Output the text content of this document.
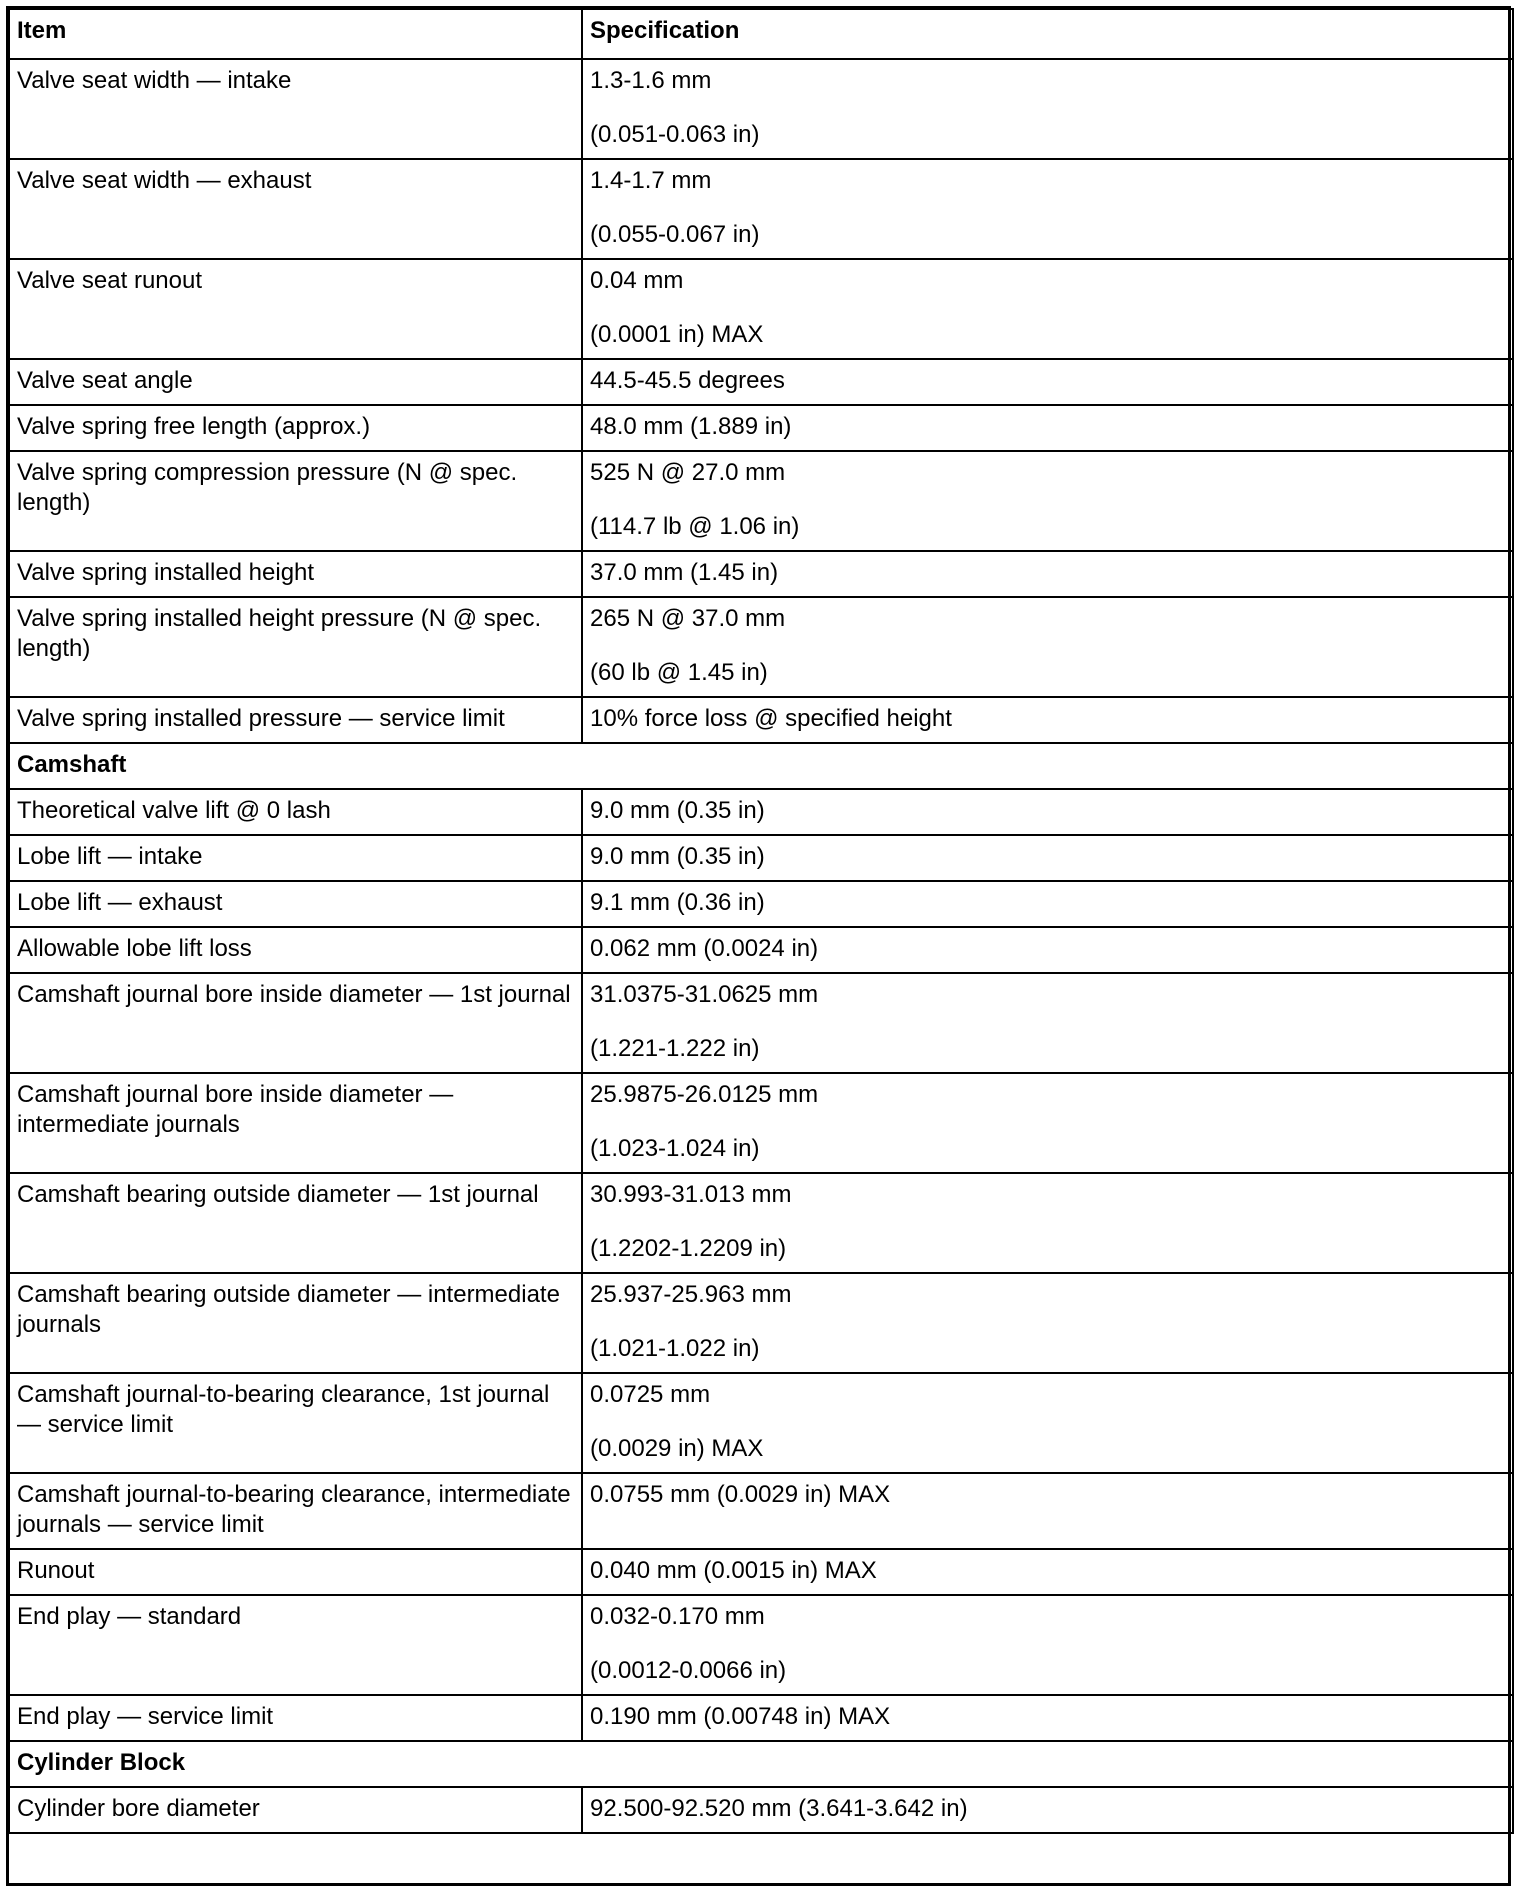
Item	Specification
Valve seat width — intake	1.3-1.6 mm
(0.051-0.063 in)

Valve seat width — exhaust	1.4-1.7 mm
(0.055-0.067 in)

Valve seat runout	0.04 mm
(0.0001 in) MAX

Valve seat angle	44.5-45.5 degrees

Valve spring free length (approx.)	48.0 mm (1.889 in)

Valve spring compression pressure (N @ spec. length)	525 N @ 27.0 mm
(114.7 lb @ 1.06 in)

Valve spring installed height	37.0 mm (1.45 in)

Valve spring installed height pressure (N @ spec. length)	265 N @ 37.0 mm
(60 lb @ 1.45 in)

Valve spring installed pressure — service limit	10% force loss @ specified height

Camshaft	
Theoretical valve lift @ 0 lash	9.0 mm (0.35 in)

Lobe lift — intake	9.0 mm (0.35 in)

Lobe lift — exhaust	9.1 mm (0.36 in)

Allowable lobe lift loss	0.062 mm (0.0024 in)

Camshaft journal bore inside diameter — 1st journal	31.0375-31.0625 mm
(1.221-1.222 in)

Camshaft journal bore inside diameter — intermediate journals	25.9875-26.0125 mm
(1.023-1.024 in)

Camshaft bearing outside diameter — 1st journal	30.993-31.013 mm
(1.2202-1.2209 in)

Camshaft bearing outside diameter — intermediate journals	25.937-25.963 mm
(1.021-1.022 in)

Camshaft journal-to-bearing clearance, 1st journal — service limit	0.0725 mm
(0.0029 in) MAX

Camshaft journal-to-bearing clearance, intermediate journals — service limit	0.0755 mm (0.0029 in) MAX

Runout	0.040 mm (0.0015 in) MAX

End play — standard	0.032-0.170 mm
(0.0012-0.0066 in)

End play — service limit	0.190 mm (0.00748 in) MAX

Cylinder Block	
Cylinder bore diameter	92.500-92.520 mm (3.641-3.642 in)
